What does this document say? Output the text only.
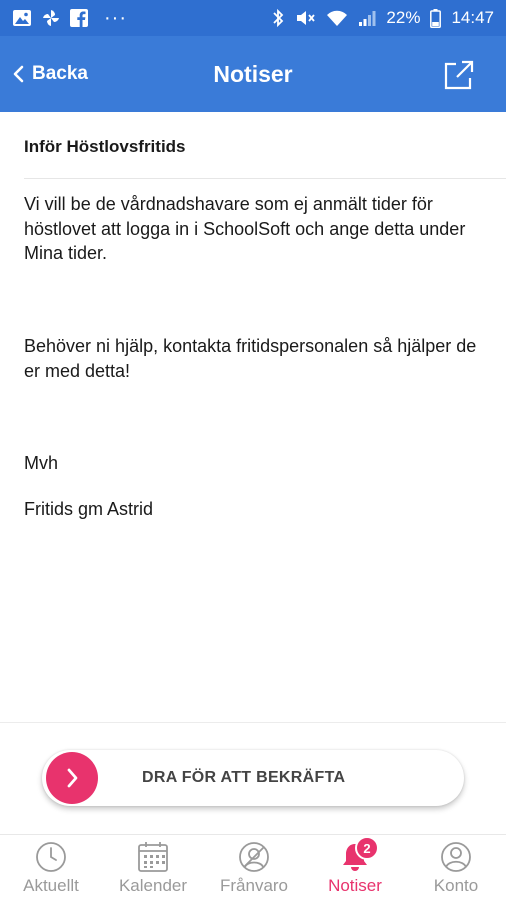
···	22% 14:47
Backa	Notiser
Inför Höstlovsfritids

Vi vill be de vårdnadshavare som ej anmält tider för höstlovet att logga in i SchoolSoft och ange detta under Mina tider.

Behöver ni hjälp, kontakta fritidspersonalen så hjälper de er med detta!

Mvh

Fritids gm Astrid

DRA FÖR ATT BEKRÄFTA
Aktuellt Kalender Frånvaro
2
Notiser	Konto
